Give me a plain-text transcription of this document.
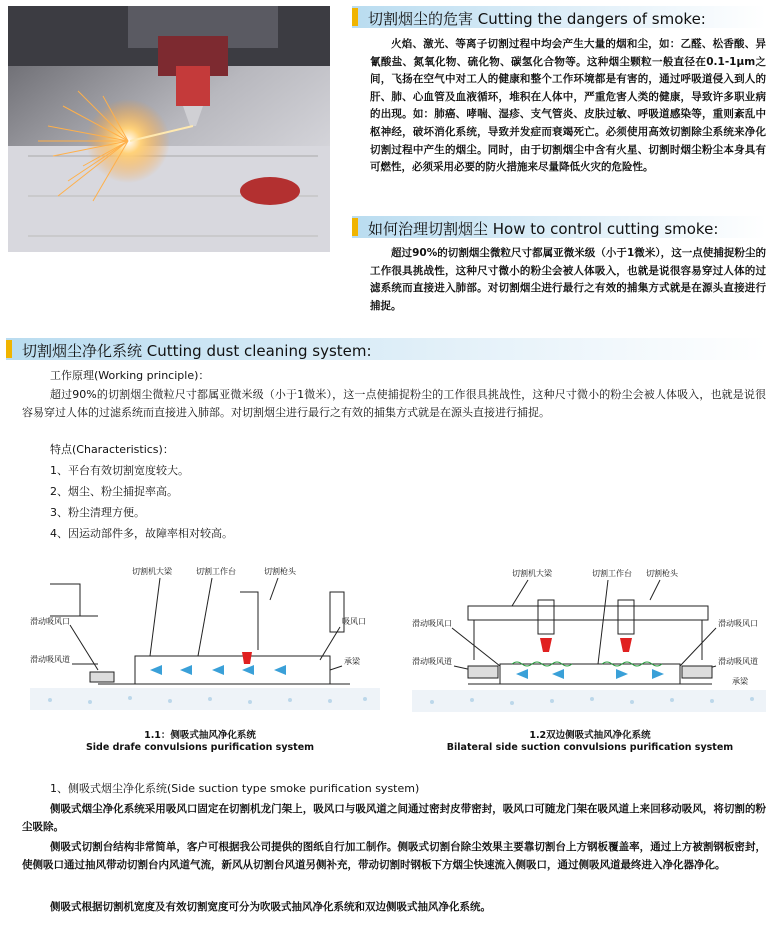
切割烟尘的危害 Cutting the dangers of smoke:
火焰、激光、等离子切割过程中均会产生大量的烟和尘，如：乙醛、松香酸、异氰酸盐、氮氧化物、硫化物、碳氢化合物等。这种烟尘颗粒一般直径在0.1-1μm之间，飞扬在空气中对工人的健康和整个工作环境都是有害的，通过呼吸道侵入到人的肝、肺、心血管及血液循环，堆积在人体中，严重危害人类的健康，导致许多职业病的出现。如：肺癌、哮喘、湿疹、支气管炎、皮肤过敏、呼吸道感染等，重则紊乱中枢神经，破坏消化系统，导致并发症而衰竭死亡。必须使用高效切割除尘系统来净化切割过程中产生的烟尘。同时，由于切割烟尘中含有火星、切割时烟尘粉尘本身具有可燃性，必须采用必要的防火措施来尽量降低火灾的危险性。
如何治理切割烟尘 How to control cutting smoke:
超过90%的切割烟尘微粒尺寸都属亚微米级（小于1微米），这一点使捕捉粉尘的工作很具挑战性，这种尺寸微小的粉尘会被人体吸入，也就是说很容易穿过人体的过滤系统而直接进入肺部。对切割烟尘进行最行之有效的捕集方式就是在源头直接进行捕捉。
切割烟尘净化系统 Cutting dust cleaning system:
工作原理(Working principle)：
超过90%的切割烟尘微粒尺寸都属亚微米级（小于1微米），这一点使捕捉粉尘的工作很具挑战性，这种尺寸微小的粉尘会被人体吸入，也就是说很容易穿过人体的过滤系统而直接进入肺部。对切割烟尘进行最行之有效的捕集方式就是在源头直接进行捕捉。
特点(Characteristics)：

1、平台有效切割宽度较大。

2、烟尘、粉尘捕捉率高。

3、粉尘清理方便。

4、因运动部件多，故障率相对较高。

切割机大梁	切割工作台	切割枪头
滑动吸风口
滑动吸风道
吸风口
承梁
1.1：侧吸式抽风净化系统
Side drafe convulsions purification system
切割机大梁	切割工作台 切割枪头
滑动吸风口
滑动吸风道
滑动吸风口
滑动吸风道
承梁
1.2双边侧吸式抽风净化系统
Bilateral side suction convulsions purification system
1、侧吸式烟尘净化系统(Side suction type smoke purification system)
侧吸式烟尘净化系统采用吸风口固定在切割机龙门架上，吸风口与吸风道之间通过密封皮带密封，吸风口可随龙门架在吸风道上来回移动吸风，将切割的粉尘吸除。
侧吸式切割台结构非常简单，客户可根据我公司提供的图纸自行加工制作。侧吸式切割台除尘效果主要靠切割台上方钢板覆盖率，通过上方被割钢板密封，使侧吸口通过抽风带动切割台内风道气流，新风从切割台风道另侧补充，带动切割时钢板下方烟尘快速流入侧吸口，通过侧吸风道最终进入净化器净化。
侧吸式根据切割机宽度及有效切割宽度可分为吹吸式抽风净化系统和双边侧吸式抽风净化系统。
